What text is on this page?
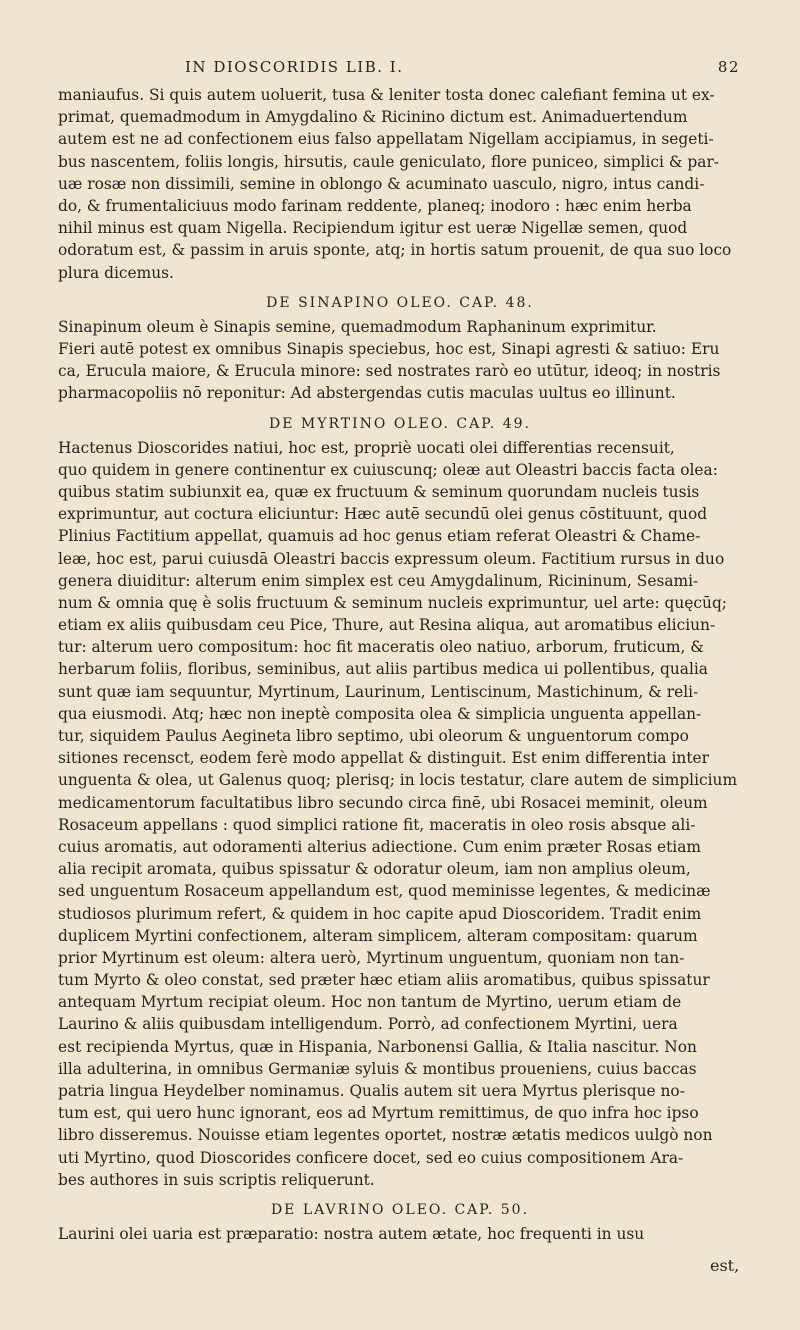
IN DIOSCORIDIS LIB. I.	82
maniaufus. Si quis autem uoluerit, tusa & leniter tosta donec calefiant femina ut ex-
primat, quemadmodum in Amygdalino & Ricinino dictum est. Animaduertendum
autem est ne ad confectionem eius falso appellatam Nigellam accipiamus, in segeti-
bus nascentem, foliis longis, hirsutis, caule geniculato, flore puniceo, simplici & par-
uæ rosæ non dissimili, semine in oblongo & acuminato uasculo, nigro, intus candi-
do, & frumentaliciuus modo farinam reddente, planeq; inodoro : hæc enim herba
nihil minus est quam Nigella. Recipiendum igitur est ueræ Nigellæ semen, quod
odoratum est, & passim in aruis sponte, atq; in hortis satum prouenit, de qua suo loco
plura dicemus.
DE SINAPINO OLEO. CAP. 48.
Sinapinum oleum è Sinapis semine, quemadmodum Raphaninum exprimitur.
Fieri autē potest ex omnibus Sinapis speciebus, hoc est, Sinapi agresti & satiuo: Eru
ca, Erucula maiore, & Erucula minore: sed nostrates rarò eo utūtur, ideoq; in nostris
pharmacopoliis nō reponitur: Ad abstergendas cutis maculas uultus eo illinunt.
DE MYRTINO OLEO. CAP. 49.
Hactenus Dioscorides natiui, hoc est, propriè uocati olei differentias recensuit,
quo quidem in genere continentur ex cuiuscunq; oleæ aut Oleastri baccis facta olea:
quibus statim subiunxit ea, quæ ex fructuum & seminum quorundam nucleis tusis
exprimuntur, aut coctura eliciuntur: Hæc autē secundū olei genus cōstituunt, quod
Plinius Factitium appellat, quamuis ad hoc genus etiam referat Oleastri & Chame-
leæ, hoc est, parui cuiusdā Oleastri baccis expressum oleum. Factitium rursus in duo
genera diuiditur: alterum enim simplex est ceu Amygdalinum, Ricininum, Sesami-
num & omnia quę è solis fructuum & seminum nucleis exprimuntur, uel arte: quęcūq;
etiam ex aliis quibusdam ceu Pice, Thure, aut Resina aliqua, aut aromatibus eliciun-
tur: alterum uero compositum: hoc fit maceratis oleo natiuo, arborum, fruticum, &
herbarum foliis, floribus, seminibus, aut aliis partibus medica ui pollentibus, qualia
sunt quæ iam sequuntur, Myrtinum, Laurinum, Lentiscinum, Mastichinum, & reli-
qua eiusmodi. Atq; hæc non ineptè composita olea & simplicia unguenta appellan-
tur, siquidem Paulus Aegineta libro septimo, ubi oleorum & unguentorum compo
sitiones recensct, eodem ferè modo appellat & distinguit. Est enim differentia inter
unguenta & olea, ut Galenus quoq; plerisq; in locis testatur, clare autem de simplicium
medicamentorum facultatibus libro secundo circa finē, ubi Rosacei meminit, oleum
Rosaceum appellans : quod simplici ratione fit, maceratis in oleo rosis absque ali-
cuius aromatis, aut odoramenti alterius adiectione. Cum enim præter Rosas etiam
alia recipit aromata, quibus spissatur & odoratur oleum, iam non amplius oleum,
sed unguentum Rosaceum appellandum est, quod meminisse legentes, & medicinæ
studiosos plurimum refert, & quidem in hoc capite apud Dioscoridem. Tradit enim
duplicem Myrtini confectionem, alteram simplicem, alteram compositam: quarum
prior Myrtinum est oleum: altera uerò, Myrtinum unguentum, quoniam non tan-
tum Myrto & oleo constat, sed præter hæc etiam aliis aromatibus, quibus spissatur
antequam Myrtum recipiat oleum. Hoc non tantum de Myrtino, uerum etiam de
Laurino & aliis quibusdam intelligendum. Porrò, ad confectionem Myrtini, uera
est recipienda Myrtus, quæ in Hispania, Narbonensi Gallia, & Italia nascitur. Non
illa adulterina, in omnibus Germaniæ syluis & montibus proueniens, cuius baccas
patria lingua Heydelber nominamus. Qualis autem sit uera Myrtus plerisque no-
tum est, qui uero hunc ignorant, eos ad Myrtum remittimus, de quo infra hoc ipso
libro disseremus. Nouisse etiam legentes oportet, nostræ ætatis medicos uulgò non
uti Myrtino, quod Dioscorides conficere docet, sed eo cuius compositionem Ara-
bes authores in suis scriptis reliquerunt.
DE LAVRINO OLEO. CAP. 50.
Laurini olei uaria est præparatio: nostra autem ætate, hoc frequenti in usu
est,
